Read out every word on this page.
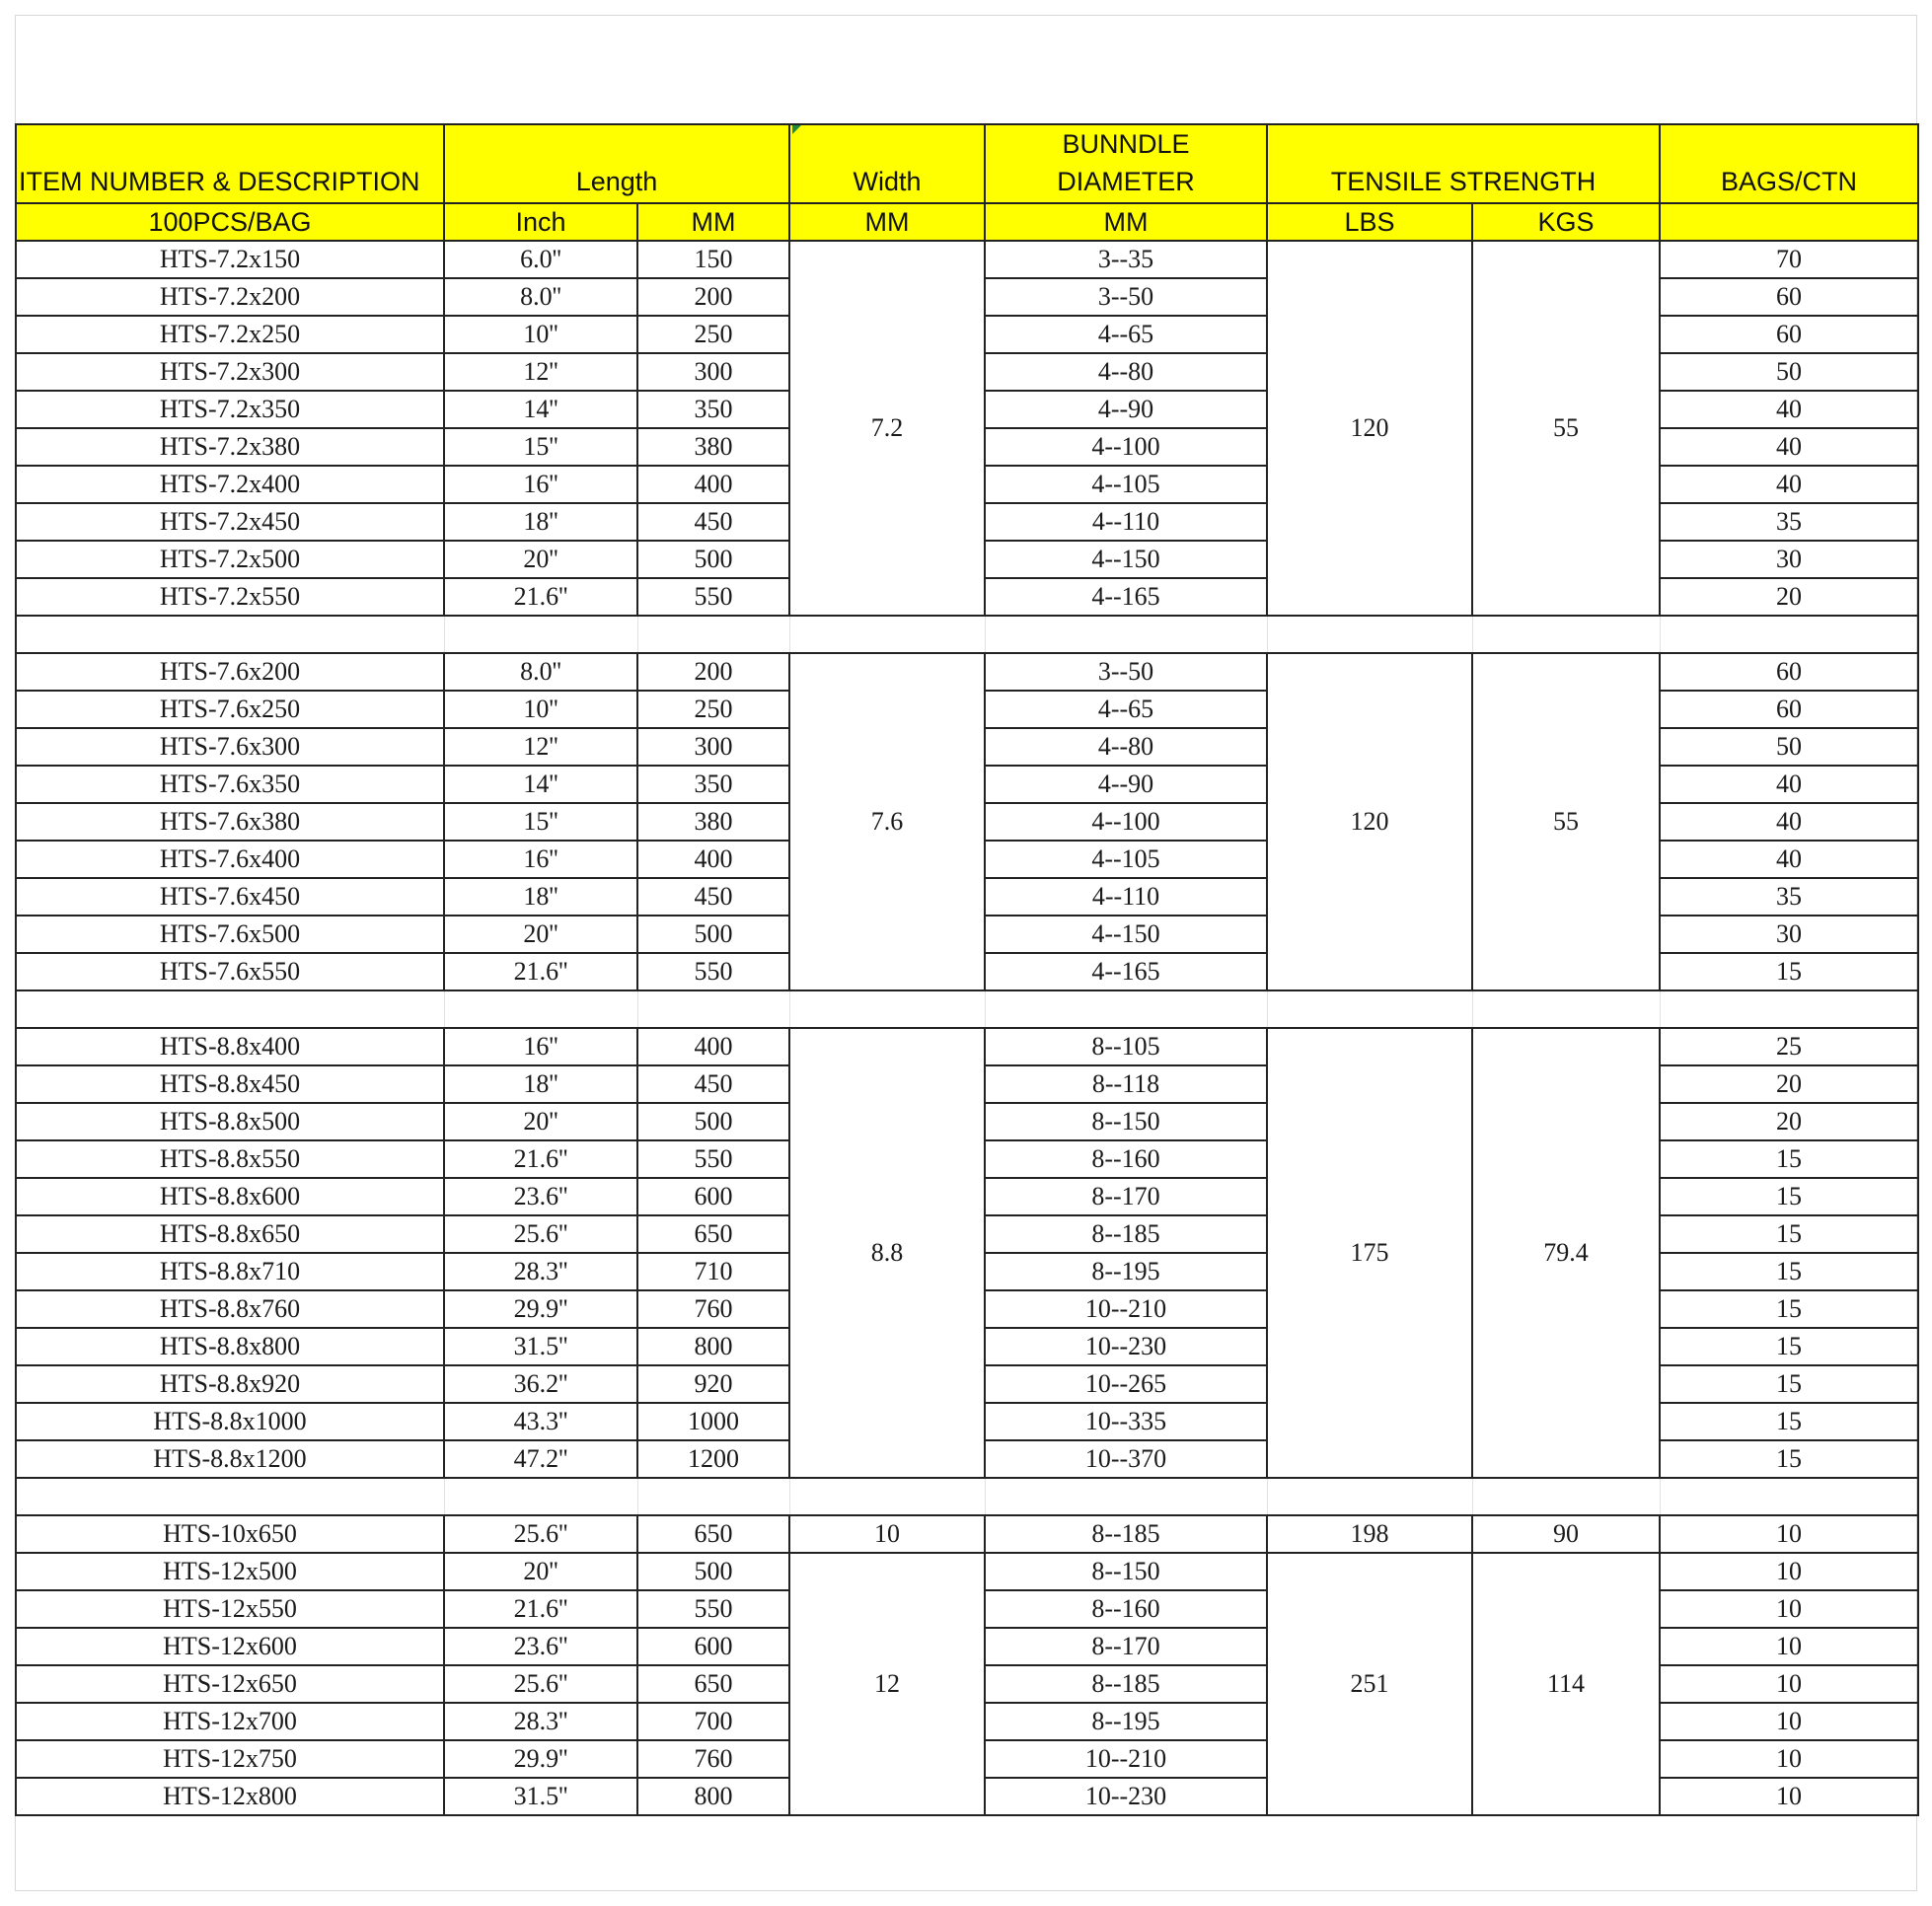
ITEM NUMBER & DESCRIPTION	Length		Width	BUNNDLE
DIAMETER	TENSILE STRENGTH		BAGS/CTN
100PCS/BAG	Inch	MM	MM	MM	LBS	KGS	
HTS-7.2x150	6.0''	150	7.2	3--35	120	55	70
HTS-7.2x200	8.0''	200		3--50			60
HTS-7.2x250	10''	250		4--65			60
HTS-7.2x300	12''	300		4--80			50
HTS-7.2x350	14''	350		4--90			40
HTS-7.2x380	15''	380		4--100			40
HTS-7.2x400	16''	400		4--105			40
HTS-7.2x450	18''	450		4--110			35
HTS-7.2x500	20''	500		4--150			30
HTS-7.2x550	21.6''	550		4--165			20

HTS-7.6x200	8.0''	200	7.6	3--50	120	55	60
HTS-7.6x250	10''	250		4--65			60
HTS-7.6x300	12''	300		4--80			50
HTS-7.6x350	14''	350		4--90			40
HTS-7.6x380	15''	380		4--100			40
HTS-7.6x400	16''	400		4--105			40
HTS-7.6x450	18''	450		4--110			35
HTS-7.6x500	20''	500		4--150			30
HTS-7.6x550	21.6''	550		4--165			15

HTS-8.8x400	16''	400	8.8	8--105	175	79.4	25
HTS-8.8x450	18''	450		8--118			20
HTS-8.8x500	20''	500		8--150			20
HTS-8.8x550	21.6''	550		8--160			15
HTS-8.8x600	23.6''	600		8--170			15
HTS-8.8x650	25.6''	650		8--185			15
HTS-8.8x710	28.3''	710		8--195			15
HTS-8.8x760	29.9''	760		10--210			15
HTS-8.8x800	31.5''	800		10--230			15
HTS-8.8x920	36.2''	920		10--265			15
HTS-8.8x1000	43.3''	1000		10--335			15
HTS-8.8x1200	47.2''	1200		10--370			15

HTS-10x650	25.6''	650	10	8--185	198	90	10
HTS-12x500	20''	500	12	8--150	251	114	10
HTS-12x550	21.6''	550		8--160			10
HTS-12x600	23.6''	600		8--170			10
HTS-12x650	25.6''	650		8--185			10
HTS-12x700	28.3''	700		8--195			10
HTS-12x750	29.9''	760		10--210			10
HTS-12x800	31.5''	800		10--230			10
